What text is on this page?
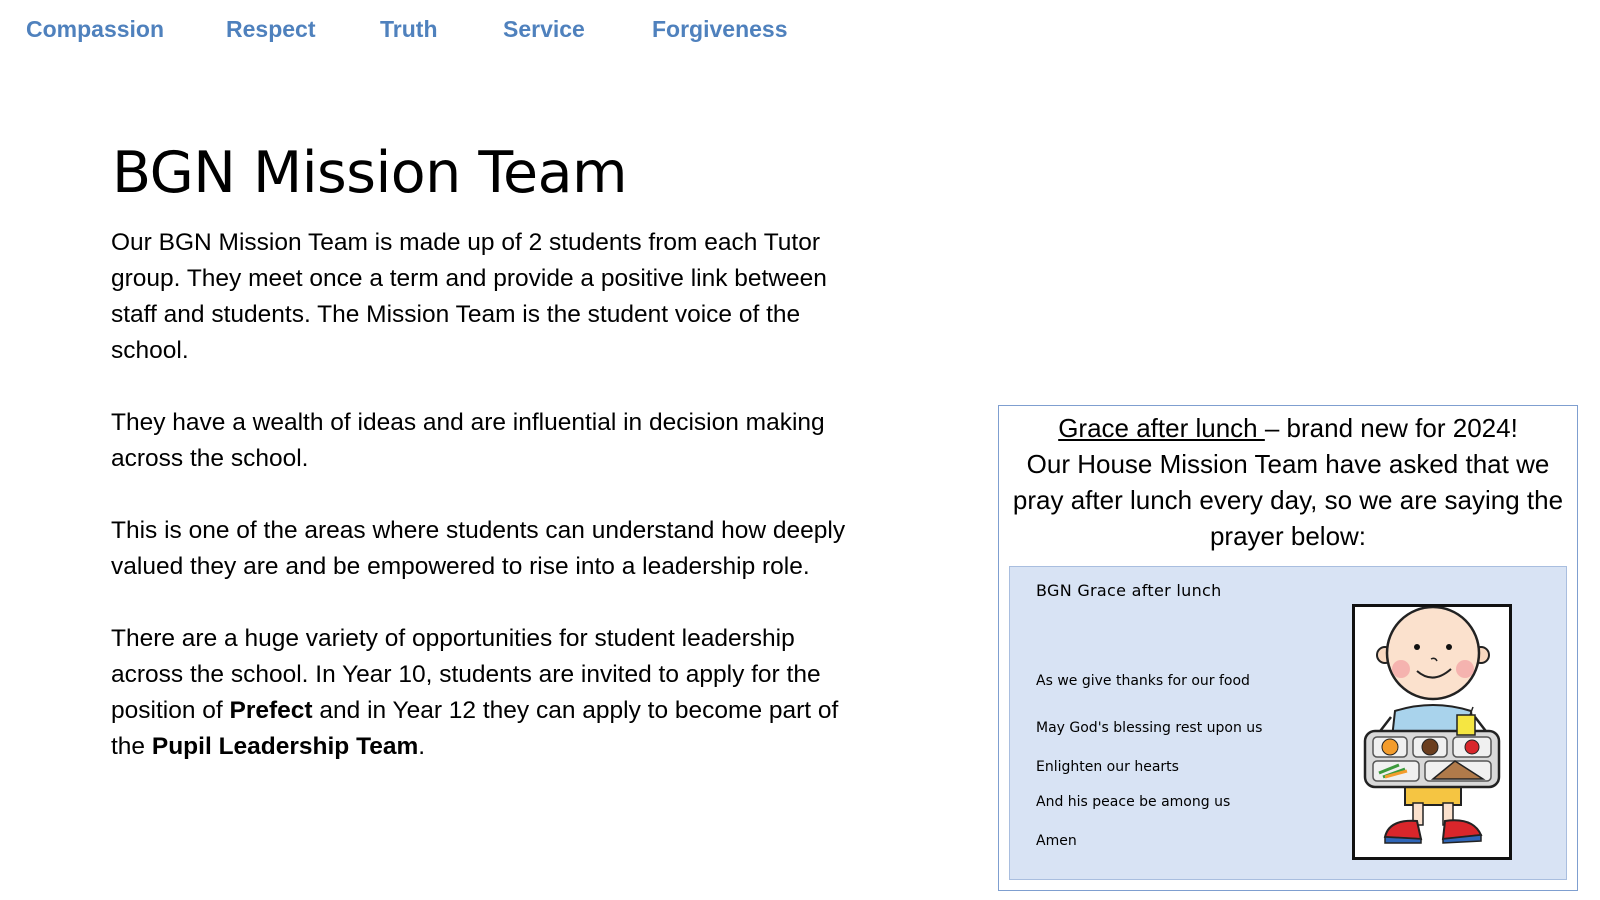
Compassion	Respect	Truth	Service	Forgiveness
BGN Mission Team

Our BGN Mission Team is made up of 2 students from each Tutor group. They meet once a term and provide a positive link between staff and students. The Mission Team is the student voice of the school.

They have a wealth of ideas and are influential in decision making across the school.

This is one of the areas where students can understand how deeply valued they are and be empowered to rise into a leadership role.

There are a huge variety of opportunities for student leadership across the school. In Year 10, students are invited to apply for the position of Prefect and in Year 12 they can apply to become part of the Pupil Leadership Team.

Grace after lunch – brand new for 2024!
Our House Mission Team have asked that we pray after lunch every day, so we are saying the prayer below:
BGN Grace after lunch
As we give thanks for our food
May God's blessing rest upon us
Enlighten our hearts
And his peace be among us
Amen
